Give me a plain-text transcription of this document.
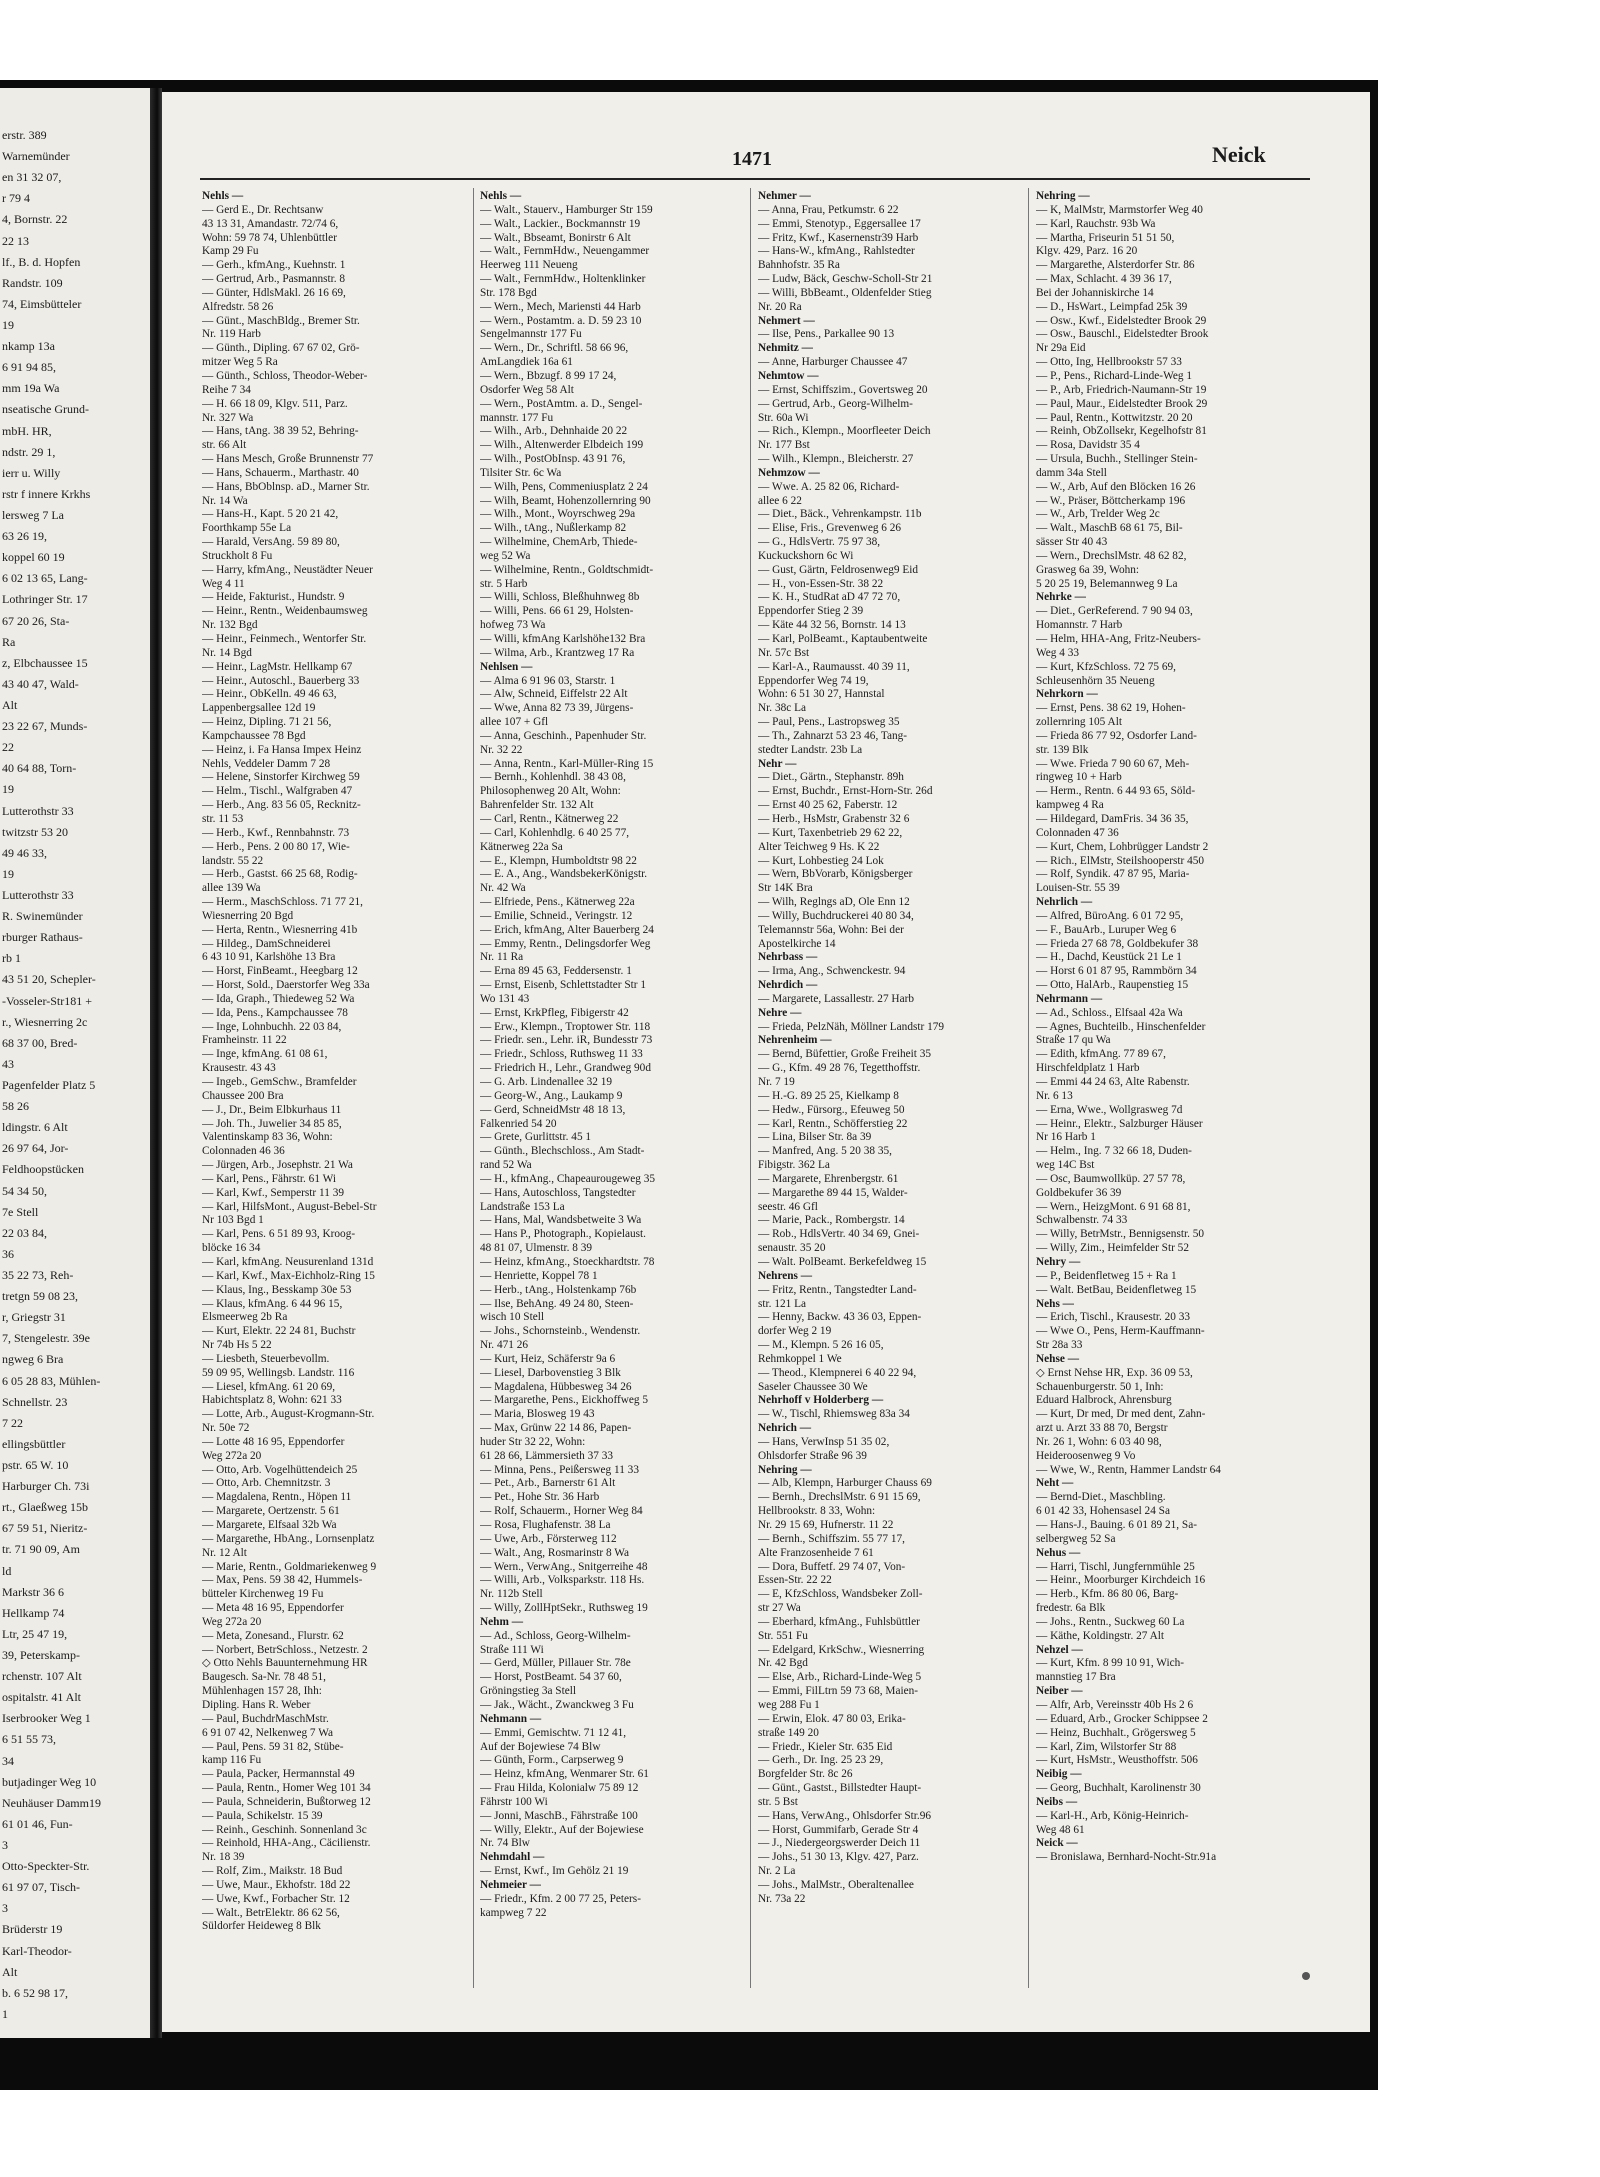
erstr. 389
Warnemünder
en 31 32 07,
r 79 4
4, Bornstr. 22
22 13
lf., B. d. Hopfen
Randstr. 109
74, Eimsbütteler
19
nkamp 13a
6 91 94 85,
mm 19a Wa
nseatische Grund-
mbH. HR,
ndstr. 29 1,
ierr u. Willy
rstr f innere Krkhs
lersweg 7 La
63 26 19,
koppel 60 19
6 02 13 65, Lang-
Lothringer Str. 17
67 20 26, Sta-
Ra
z, Elbchaussee 15
43 40 47, Wald-
Alt
23 22 67, Munds-
22
40 64 88, Torn-
19
Lutterothstr 33
twitzstr 53 20
49 46 33,
19
Lutterothstr 33
R. Swinemünder
rburger Rathaus-
rb 1
43 51 20, Schepler-
-Vosseler-Str181 +
r., Wiesnerring 2c
68 37 00, Bred-
43
Pagenfelder Platz 5
58 26
ldingstr. 6 Alt
26 97 64, Jor-
Feldhoopstücken
54 34 50,
7e Stell
22 03 84,
36
35 22 73, Reh-
tretgn 59 08 23,
r, Griegstr 31
7, Stengelestr. 39e
ngweg 6 Bra
6 05 28 83, Mühlen-
Schnellstr. 23
7 22
ellingsbüttler
pstr. 65 W. 10
Harburger Ch. 73i
rt., Glaeßweg 15b
67 59 51, Nieritz-
tr. 71 90 09, Am
ld
Markstr 36 6
Hellkamp 74
Ltr, 25 47 19,
39, Peterskamp-
rchenstr. 107 Alt
ospitalstr. 41 Alt
Iserbrooker Weg 1
6 51 55 73,
34
butjadinger Weg 10
Neuhäuser Damm19
61 01 46, Fun-
3
Otto-Speckter-Str.
61 97 07, Tisch-
3
Brüderstr 19
Karl-Theodor-
Alt
b. 6 52 98 17,
1
1471	Neick
Nehls —
— Gerd E., Dr. Rechtsanw
43 13 31, Amandastr. 72/74 6,
Wohn: 59 78 74, Uhlenbüttler
Kamp 29 Fu
— Gerh., kfmAng., Kuehnstr. 1
— Gertrud, Arb., Pasmannstr. 8
— Günter, HdlsMakl. 26 16 69,
Alfredstr. 58 26
— Günt., MaschBldg., Bremer Str.
Nr. 119 Harb
— Günth., Dipling. 67 67 02, Grö-
mitzer Weg 5 Ra
— Günth., Schloss, Theodor-Weber-
Reihe 7 34
— H. 66 18 09, Klgv. 511, Parz.
Nr. 327 Wa
— Hans, tAng. 38 39 52, Behring-
str. 66 Alt
— Hans Mesch, Große Brunnenstr 77
— Hans, Schauerm., Marthastr. 40
— Hans, BbOblnsp. aD., Marner Str.
Nr. 14 Wa
— Hans-H., Kapt. 5 20 21 42,
Foorthkamp 55e La
— Harald, VersAng. 59 89 80,
Struckholt 8 Fu
— Harry, kfmAng., Neustädter Neuer
Weg 4 11
— Heide, Fakturist., Hundstr. 9
— Heinr., Rentn., Weidenbaumsweg
Nr. 132 Bgd
— Heinr., Feinmech., Wentorfer Str.
Nr. 14 Bgd
— Heinr., LagMstr. Hellkamp 67
— Heinr., Autoschl., Bauerberg 33
— Heinr., ObKelln. 49 46 63,
Lappenbergsallee 12d 19
— Heinz, Dipling. 71 21 56,
Kampchaussee 78 Bgd
— Heinz, i. Fa Hansa Impex Heinz
Nehls, Veddeler Damm 7 28
— Helene, Sinstorfer Kirchweg 59
— Helm., Tischl., Walfgraben 47
— Herb., Ang. 83 56 05, Recknitz-
str. 11 53
— Herb., Kwf., Rennbahnstr. 73
— Herb., Pens. 2 00 80 17, Wie-
landstr. 55 22
— Herb., Gastst. 66 25 68, Rodig-
allee 139 Wa
— Herm., MaschSchloss. 71 77 21,
Wiesnerring 20 Bgd
— Herta, Rentn., Wiesnerring 41b
— Hildeg., DamSchneiderei
6 43 10 91, Karlshöhe 13 Bra
— Horst, FinBeamt., Heegbarg 12
— Horst, Sold., Daerstorfer Weg 33a
— Ida, Graph., Thiedeweg 52 Wa
— Ida, Pens., Kampchaussee 78
— Inge, Lohnbuchh. 22 03 84,
Framheinstr. 11 22
— Inge, kfmAng. 61 08 61,
Krausestr. 43 43
— Ingeb., GemSchw., Bramfelder
Chaussee 200 Bra
— J., Dr., Beim Elbkurhaus 11
— Joh. Th., Juwelier 34 85 85,
Valentinskamp 83 36, Wohn:
Colonnaden 46 36
— Jürgen, Arb., Josephstr. 21 Wa
— Karl, Pens., Fährstr. 61 Wi
— Karl, Kwf., Semperstr 11 39
— Karl, HilfsMont., August-Bebel-Str
Nr 103 Bgd 1
— Karl, Pens. 6 51 89 93, Kroog-
blöcke 16 34
— Karl, kfmAng. Neusurenland 131d
— Karl, Kwf., Max-Eichholz-Ring 15
— Klaus, Ing., Besskamp 30e 53
— Klaus, kfmAng. 6 44 96 15,
Elsmeerweg 2b Ra
— Kurt, Elektr. 22 24 81, Buchstr
Nr 74b Hs 5 22
— Liesbeth, Steuerbevollm.
59 09 95, Wellingsb. Landstr. 116
— Liesel, kfmAng. 61 20 69,
Habichtsplatz 8, Wohn: 621 33
— Lotte, Arb., August-Krogmann-Str.
Nr. 50e 72
— Lotte 48 16 95, Eppendorfer
Weg 272a 20
— Otto, Arb. Vogelhüttendeich 25
— Otto, Arb. Chemnitzstr. 3
— Magdalena, Rentn., Höpen 11
— Margarete, Oertzenstr. 5 61
— Margarete, Elfsaal 32b Wa
— Margarethe, HbAng., Lornsenplatz
Nr. 12 Alt
— Marie, Rentn., Goldmariekenweg 9
— Max, Pens. 59 38 42, Hummels-
bütteler Kirchenweg 19 Fu
— Meta 48 16 95, Eppendorfer
Weg 272a 20
— Meta, Zonesand., Flurstr. 62
— Norbert, BetrSchloss., Netzestr. 2
◇ Otto Nehls Bauunternehmung HR
Baugesch. Sa-Nr. 78 48 51,
Mühlenhagen 157 28, Ihh:
Dipling. Hans R. Weber
— Paul, BuchdrMaschMstr.
6 91 07 42, Nelkenweg 7 Wa
— Paul, Pens. 59 31 82, Stübe-
kamp 116 Fu
— Paula, Packer, Hermannstal 49
— Paula, Rentn., Homer Weg 101 34
— Paula, Schneiderin, Bußtorweg 12
— Paula, Schikelstr. 15 39
— Reinh., Geschinh. Sonnenland 3c
— Reinhold, HHA-Ang., Cäcilienstr.
Nr. 18 39
— Rolf, Zim., Maikstr. 18 Bud
— Uwe, Maur., Ekhofstr. 18d 22
— Uwe, Kwf., Forbacher Str. 12
— Walt., BetrElektr. 86 62 56,
Süldorfer Heideweg 8 Blk
Nehls —
— Walt., Stauerv., Hamburger Str 159
— Walt., Lackier., Bockmannstr 19
— Walt., Bbseamt, Bonirstr 6 Alt
— Walt., FernmHdw., Neuengammer
Heerweg 111 Neueng
— Walt., FernmHdw., Holtenklinker
Str. 178 Bgd
— Wern., Mech, Mariensti 44 Harb
— Wern., Postamtm. a. D. 59 23 10
Sengelmannstr 177 Fu
— Wern., Dr., Schriftl. 58 66 96,
AmLangdiek 16a 61
— Wern., Bbzugf. 8 99 17 24,
Osdorfer Weg 58 Alt
— Wern., PostAmtm. a. D., Sengel-
mannstr. 177 Fu
— Wilh., Arb., Dehnhaide 20 22
— Wilh., Altenwerder Elbdeich 199
— Wilh., PostObInsp. 43 91 76,
Tilsiter Str. 6c Wa
— Wilh, Pens, Commeniusplatz 2 24
— Wilh, Beamt, Hohenzollernring 90
— Wilh., Mont., Woyrschweg 29a
— Wilh., tAng., Nußlerkamp 82
— Wilhelmine, ChemArb, Thiede-
weg 52 Wa
— Wilhelmine, Rentn., Goldtschmidt-
str. 5 Harb
— Willi, Schloss, Bleßhuhnweg 8b
— Willi, Pens. 66 61 29, Holsten-
hofweg 73 Wa
— Willi, kfmAng Karlshöhe132 Bra
— Wilma, Arb., Krantzweg 17 Ra
Nehlsen —
— Alma 6 91 96 03, Starstr. 1
— Alw, Schneid, Eiffelstr 22 Alt
— Wwe, Anna 82 73 39, Jürgens-
allee 107 + Gfl
— Anna, Geschinh., Papenhuder Str.
Nr. 32 22
— Anna, Rentn., Karl-Müller-Ring 15
— Bernh., Kohlenhdl. 38 43 08,
Philosophenweg 20 Alt, Wohn:
Bahrenfelder Str. 132 Alt
— Carl, Rentn., Kätnerweg 22
— Carl, Kohlenhdlg. 6 40 25 77,
Kätnerweg 22a Sa
— E., Klempn, Humboldtstr 98 22
— E. A., Ang., WandsbekerKönigstr.
Nr. 42 Wa
— Elfriede, Pens., Kätnerweg 22a
— Emilie, Schneid., Veringstr. 12
— Erich, kfmAng, Alter Bauerberg 24
— Emmy, Rentn., Delingsdorfer Weg
Nr. 11 Ra
— Erna 89 45 63, Feddersenstr. 1
— Ernst, Eisenb, Schlettstadter Str 1
Wo 131 43
— Ernst, KrkPfleg, Fibigerstr 42
— Erw., Klempn., Troptower Str. 118
— Friedr. sen., Lehr. iR, Bundesstr 73
— Friedr., Schloss, Ruthsweg 11 33
— Friedrich H., Lehr., Grandweg 90d
— G. Arb. Lindenallee 32 19
— Georg-W., Ang., Laukamp 9
— Gerd, SchneidMstr 48 18 13,
Falkenried 54 20
— Grete, Gurlittstr. 45 1
— Günth., Blechschloss., Am Stadt-
rand 52 Wa
— H., kfmAng., Chapeaurougeweg 35
— Hans, Autoschloss, Tangstedter
Landstraße 153 La
— Hans, Mal, Wandsbetweite 3 Wa
— Hans P., Photograph., Kopielaust.
48 81 07, Ulmenstr. 8 39
— Heinz, kfmAng., Stoeckhardtstr. 78
— Henriette, Koppel 78 1
— Herb., tAng., Holstenkamp 76b
— Ilse, BehAng. 49 24 80, Steen-
wisch 10 Stell
— Johs., Schornsteinb., Wendenstr.
Nr. 471 26
— Kurt, Heiz, Schäferstr 9a 6
— Liesel, Darbovenstieg 3 Blk
— Magdalena, Hübbesweg 34 26
— Margarethe, Pens., Eickhoffweg 5
— Maria, Blosweg 19 43
— Max, Grünw 22 14 86, Papen-
huder Str 32 22, Wohn:
61 28 66, Lämmersieth 37 33
— Minna, Pens., Peißersweg 11 33
— Pet., Arb., Barnerstr 61 Alt
— Pet., Hohe Str. 36 Harb
— Rolf, Schauerm., Horner Weg 84
— Rosa, Flughafenstr. 38 La
— Uwe, Arb., Försterweg 112
— Walt., Ang, Rosmarinstr 8 Wa
— Wern., VerwAng., Snitgerreihe 48
— Willi, Arb., Volksparkstr. 118 Hs.
Nr. 112b Stell
— Willy, ZollHptSekr., Ruthsweg 19
Nehm —
— Ad., Schloss, Georg-Wilhelm-
Straße 111 Wi
— Gerd, Müller, Pillauer Str. 78e
— Horst, PostBeamt. 54 37 60,
Gröningstieg 3a Stell
— Jak., Wächt., Zwanckweg 3 Fu
Nehmann —
— Emmi, Gemischtw. 71 12 41,
Auf der Bojewiese 74 Blw
— Günth, Form., Carpserweg 9
— Heinz, kfmAng, Wenmarer Str. 61
— Frau Hilda, Kolonialw 75 89 12
Fährstr 100 Wi
— Jonni, MaschB., Fährstraße 100
— Willy, Elektr., Auf der Bojewiese
Nr. 74 Blw
Nehmdahl —
— Ernst, Kwf., Im Gehölz 21 19
Nehmeier —
— Friedr., Kfm. 2 00 77 25, Peters-
kampweg 7 22
Nehmer —
— Anna, Frau, Petkumstr. 6 22
— Emmi, Stenotyp., Eggersallee 17
— Fritz, Kwf., Kasernenstr39 Harb
— Hans-W., kfmAng., Rahlstedter
Bahnhofstr. 35 Ra
— Ludw, Bäck, Geschw-Scholl-Str 21
— Willi, BbBeamt., Oldenfelder Stieg
Nr. 20 Ra
Nehmert —
— Ilse, Pens., Parkallee 90 13
Nehmitz —
— Anne, Harburger Chaussee 47
Nehmtow —
— Ernst, Schiffszim., Govertsweg 20
— Gertrud, Arb., Georg-Wilhelm-
Str. 60a Wi
— Rich., Klempn., Moorfleeter Deich
Nr. 177 Bst
— Wilh., Klempn., Bleicherstr. 27
Nehmzow —
— Wwe. A. 25 82 06, Richard-
allee 6 22
— Diet., Bäck., Vehrenkampstr. 11b
— Elise, Fris., Grevenweg 6 26
— G., HdlsVertr. 75 97 38,
Kuckuckshorn 6c Wi
— Gust, Gärtn, Feldrosenweg9 Eid
— H., von-Essen-Str. 38 22
— K. H., StudRat aD 47 72 70,
Eppendorfer Stieg 2 39
— Käte 44 32 56, Bornstr. 14 13
— Karl, PolBeamt., Kaptaubentweite
Nr. 57c Bst
— Karl-A., Raumausst. 40 39 11,
Eppendorfer Weg 74 19,
Wohn: 6 51 30 27, Hannstal
Nr. 38c La
— Paul, Pens., Lastropsweg 35
— Th., Zahnarzt 53 23 46, Tang-
stedter Landstr. 23b La
Nehr —
— Diet., Gärtn., Stephanstr. 89h
— Ernst, Buchdr., Ernst-Horn-Str. 26d
— Ernst 40 25 62, Faberstr. 12
— Herb., HsMstr, Grabenstr 32 6
— Kurt, Taxenbetrieb 29 62 22,
Alter Teichweg 9 Hs. K 22
— Kurt, Lohbestieg 24 Lok
— Wern, BbVorarb, Königsberger
Str 14K Bra
— Wilh, Reglngs aD, Ole Enn 12
— Willy, Buchdruckerei 40 80 34,
Telemannstr 56a, Wohn: Bei der
Apostelkirche 14
Nehrbass —
— Irma, Ang., Schwenckestr. 94
Nehrdich —
— Margarete, Lassallestr. 27 Harb
Nehre —
— Frieda, PelzNäh, Möllner Landstr 179
Nehrenheim —
— Bernd, Büfettier, Große Freiheit 35
— G., Kfm. 49 28 76, Tegetthoffstr.
Nr. 7 19
— H.-G. 89 25 25, Kielkamp 8
— Hedw., Fürsorg., Efeuweg 50
— Karl, Rentn., Schöfferstieg 22
— Lina, Bilser Str. 8a 39
— Manfred, Ang. 5 20 38 35,
Fibigstr. 362 La
— Margarete, Ehrenbergstr. 61
— Margarethe 89 44 15, Walder-
seestr. 46 Gfl
— Marie, Pack., Rombergstr. 14
— Rob., HdlsVertr. 40 34 69, Gnei-
senaustr. 35 20
— Walt. PolBeamt. Berkefeldweg 15
Nehrens —
— Fritz, Rentn., Tangstedter Land-
str. 121 La
— Henny, Backw. 43 36 03, Eppen-
dorfer Weg 2 19
— M., Klempn. 5 26 16 05,
Rehmkoppel 1 We
— Theod., Klempnerei 6 40 22 94,
Saseler Chaussee 30 We
Nehrhoff v Holderberg —
— W., Tischl, Rhiemsweg 83a 34
Nehrich —
— Hans, VerwInsp 51 35 02,
Ohlsdorfer Straße 96 39
Nehring —
— Alb, Klempn, Harburger Chauss 69
— Bernh., DrechslMstr. 6 91 15 69,
Hellbrookstr. 8 33, Wohn:
Nr. 29 15 69, Hufnerstr. 11 22
— Bernh., Schiffszim. 55 77 17,
Alte Franzosenheide 7 61
— Dora, Buffetf. 29 74 07, Von-
Essen-Str. 22 22
— E, KfzSchloss, Wandsbeker Zoll-
str 27 Wa
— Eberhard, kfmAng., Fuhlsbüttler
Str. 551 Fu
— Edelgard, KrkSchw., Wiesnerring
Nr. 42 Bgd
— Else, Arb., Richard-Linde-Weg 5
— Emmi, FilLtrn 59 73 68, Maien-
weg 288 Fu 1
— Erwin, Elok. 47 80 03, Erika-
straße 149 20
— Friedr., Kieler Str. 635 Eid
— Gerh., Dr. Ing. 25 23 29,
Borgfelder Str. 8c 26
— Günt., Gastst., Billstedter Haupt-
str. 5 Bst
— Hans, VerwAng., Ohlsdorfer Str.96
— Horst, Gummifarb, Gerade Str 4
— J., Niedergeorgswerder Deich 11
— Johs., 51 30 13, Klgv. 427, Parz.
Nr. 2 La
— Johs., MalMstr., Oberaltenallee
Nr. 73a 22
Nehring —
— K, MalMstr, Marmstorfer Weg 40
— Karl, Rauchstr. 93b Wa
— Martha, Friseurin 51 51 50,
Klgv. 429, Parz. 16 20
— Margarethe, Alsterdorfer Str. 86
— Max, Schlacht. 4 39 36 17,
Bei der Johanniskirche 14
— D., HsWart., Leimpfad 25k 39
— Osw., Kwf., Eidelstedter Brook 29
— Osw., Bauschl., Eidelstedter Brook
Nr 29a Eid
— Otto, Ing, Hellbrookstr 57 33
— P., Pens., Richard-Linde-Weg 1
— P., Arb, Friedrich-Naumann-Str 19
— Paul, Maur., Eidelstedter Brook 29
— Paul, Rentn., Kottwitzstr. 20 20
— Reinh, ObZollsekr, Kegelhofstr 81
— Rosa, Davidstr 35 4
— Ursula, Buchh., Stellinger Stein-
damm 34a Stell
— W., Arb, Auf den Blöcken 16 26
— W., Präser, Böttcherkamp 196
— W., Arb, Trelder Weg 2c
— Walt., MaschB 68 61 75, Bil-
sässer Str 40 43
— Wern., DrechslMstr. 48 62 82,
Grasweg 6a 39, Wohn:
5 20 25 19, Belemannweg 9 La
Nehrke —
— Diet., GerReferend. 7 90 94 03,
Homannstr. 7 Harb
— Helm, HHA-Ang, Fritz-Neubers-
Weg 4 33
— Kurt, KfzSchloss. 72 75 69,
Schleusenhörn 35 Neueng
Nehrkorn —
— Ernst, Pens. 38 62 19, Hohen-
zollernring 105 Alt
— Frieda 86 77 92, Osdorfer Land-
str. 139 Blk
— Wwe. Frieda 7 90 60 67, Meh-
ringweg 10 + Harb
— Herm., Rentn. 6 44 93 65, Söld-
kampweg 4 Ra
— Hildegard, DamFris. 34 36 35,
Colonnaden 47 36
— Kurt, Chem, Lohbrügger Landstr 2
— Rich., ElMstr, Steilshooperstr 450
— Rolf, Syndik. 47 87 95, Maria-
Louisen-Str. 55 39
Nehrlich —
— Alfred, BüroAng. 6 01 72 95,
— F., BauArb., Luruper Weg 6
— Frieda 27 68 78, Goldbekufer 38
— H., Dachd, Keustück 21 Le 1
— Horst 6 01 87 95, Rammbörn 34
— Otto, HalArb., Raupenstieg 15
Nehrmann —
— Ad., Schloss., Elfsaal 42a Wa
— Agnes, Buchteilb., Hinschenfelder
Straße 17 qu Wa
— Edith, kfmAng. 77 89 67,
Hirschfeldplatz 1 Harb
— Emmi 44 24 63, Alte Rabenstr.
Nr. 6 13
— Erna, Wwe., Wollgrasweg 7d
— Heinr., Elektr., Salzburger Häuser
Nr 16 Harb 1
— Helm., Ing. 7 32 66 18, Duden-
weg 14C Bst
— Osc, Baumwollküp. 27 57 78,
Goldbekufer 36 39
— Wern., HeizgMont. 6 91 68 81,
Schwalbenstr. 74 33
— Willy, BetrMstr., Bennigsenstr. 50
— Willy, Zim., Heimfelder Str 52
Nehry —
— P., Beidenfletweg 15 + Ra 1
— Walt. BetBau, Beidenfletweg 15
Nehs —
— Erich, Tischl., Krausestr. 20 33
— Wwe O., Pens, Herm-Kauffmann-
Str 28a 33
Nehse —
◇ Ernst Nehse HR, Exp. 36 09 53,
Schauenburgerstr. 50 1, Inh:
Eduard Halbrock, Ahrensburg
— Kurt, Dr med, Dr med dent, Zahn-
arzt u. Arzt 33 88 70, Bergstr
Nr. 26 1, Wohn: 6 03 40 98,
Heideroosenweg 9 Vo
— Wwe, W., Rentn, Hammer Landstr 64
Neht —
— Bernd-Diet., Maschbling.
6 01 42 33, Hohensasel 24 Sa
— Hans-J., Bauing. 6 01 89 21, Sa-
selbergweg 52 Sa
Nehus —
— Harri, Tischl, Jungfernmühle 25
— Heinr., Moorburger Kirchdeich 16
— Herb., Kfm. 86 80 06, Barg-
fredestr. 6a Blk
— Johs., Rentn., Suckweg 60 La
— Käthe, Koldingstr. 27 Alt
Nehzel —
— Kurt, Kfm. 8 99 10 91, Wich-
mannstieg 17 Bra
Neiber —
— Alfr, Arb, Vereinsstr 40b Hs 2 6
— Eduard, Arb., Grocker Schippsee 2
— Heinz, Buchhalt., Grögersweg 5
— Karl, Zim, Wilstorfer Str 88
— Kurt, HsMstr., Weusthoffstr. 506
Neibig —
— Georg, Buchhalt, Karolinenstr 30
Neibs —
— Karl-H., Arb, König-Heinrich-
Weg 48 61
Neick —
— Bronislawa, Bernhard-Nocht-Str.91a
